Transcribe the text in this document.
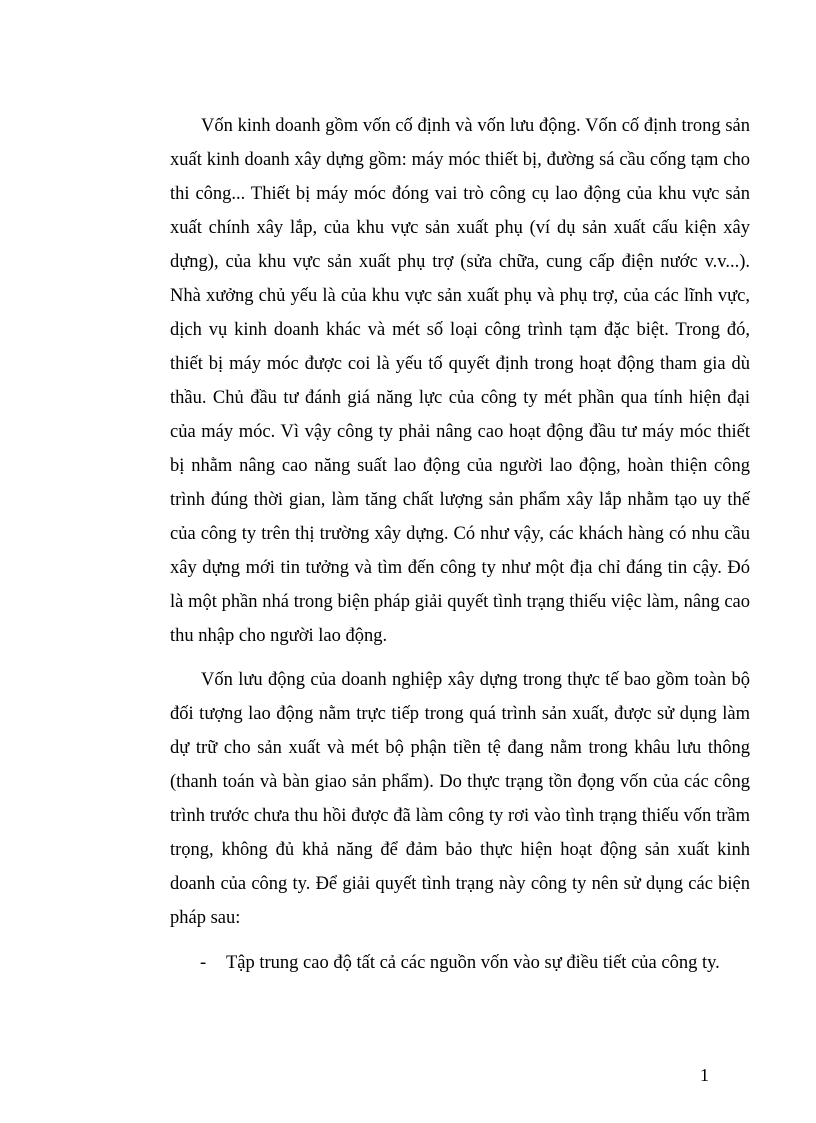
Vốn kinh doanh gồm vốn cố định và vốn lưu động. Vốn cố định trong sản xuất kinh doanh xây dựng gồm: máy móc thiết bị, đường sá cầu cống tạm cho thi công... Thiết bị máy móc đóng vai trò công cụ lao động của khu vực sản xuất chính xây lắp, của khu vực sản xuất phụ (ví dụ sản xuất cấu kiện xây dựng), của khu vực sản xuất phụ trợ (sửa chữa, cung cấp điện nước v.v...). Nhà xưởng chủ yếu là của khu vực sản xuất phụ và phụ trợ, của các lĩnh vực, dịch vụ kinh doanh khác và mét số loại công trình tạm đặc biệt. Trong đó, thiết bị máy móc được coi là yếu tố quyết định trong hoạt động tham gia dù thầu. Chủ đầu tư đánh giá năng lực của công ty mét phần qua tính hiện đại của máy móc. Vì vậy công ty phải nâng cao hoạt động đầu tư máy móc thiết bị nhằm nâng cao năng suất lao động của người lao động, hoàn thiện công trình đúng thời gian, làm tăng chất lượng sản phẩm xây lắp nhằm tạo uy thế của công ty trên thị trường xây dựng. Có như vậy, các khách hàng có nhu cầu xây dựng mới tin tưởng và tìm đến công ty như một địa chỉ đáng tin cậy. Đó là một phần nhá trong biện pháp giải quyết tình trạng thiếu việc làm, nâng cao thu nhập cho người lao động.

Vốn lưu động của doanh nghiệp xây dựng trong thực tế bao gồm toàn bộ đối tượng lao động nằm trực tiếp trong quá trình sản xuất, được sử dụng làm dự trữ cho sản xuất và mét bộ phận tiền tệ đang nằm trong khâu lưu thông (thanh toán và bàn giao sản phẩm). Do thực trạng tồn đọng vốn của các công trình trước chưa thu hồi được đã làm công ty rơi vào tình trạng thiếu vốn trầm trọng, không đủ khả năng để đảm bảo thực hiện hoạt động sản xuất kinh doanh của công ty. Để giải quyết tình trạng này công ty nên sử dụng các biện pháp sau:

-	Tập trung cao độ tất cả các nguồn vốn vào sự điều tiết của công ty.
1
